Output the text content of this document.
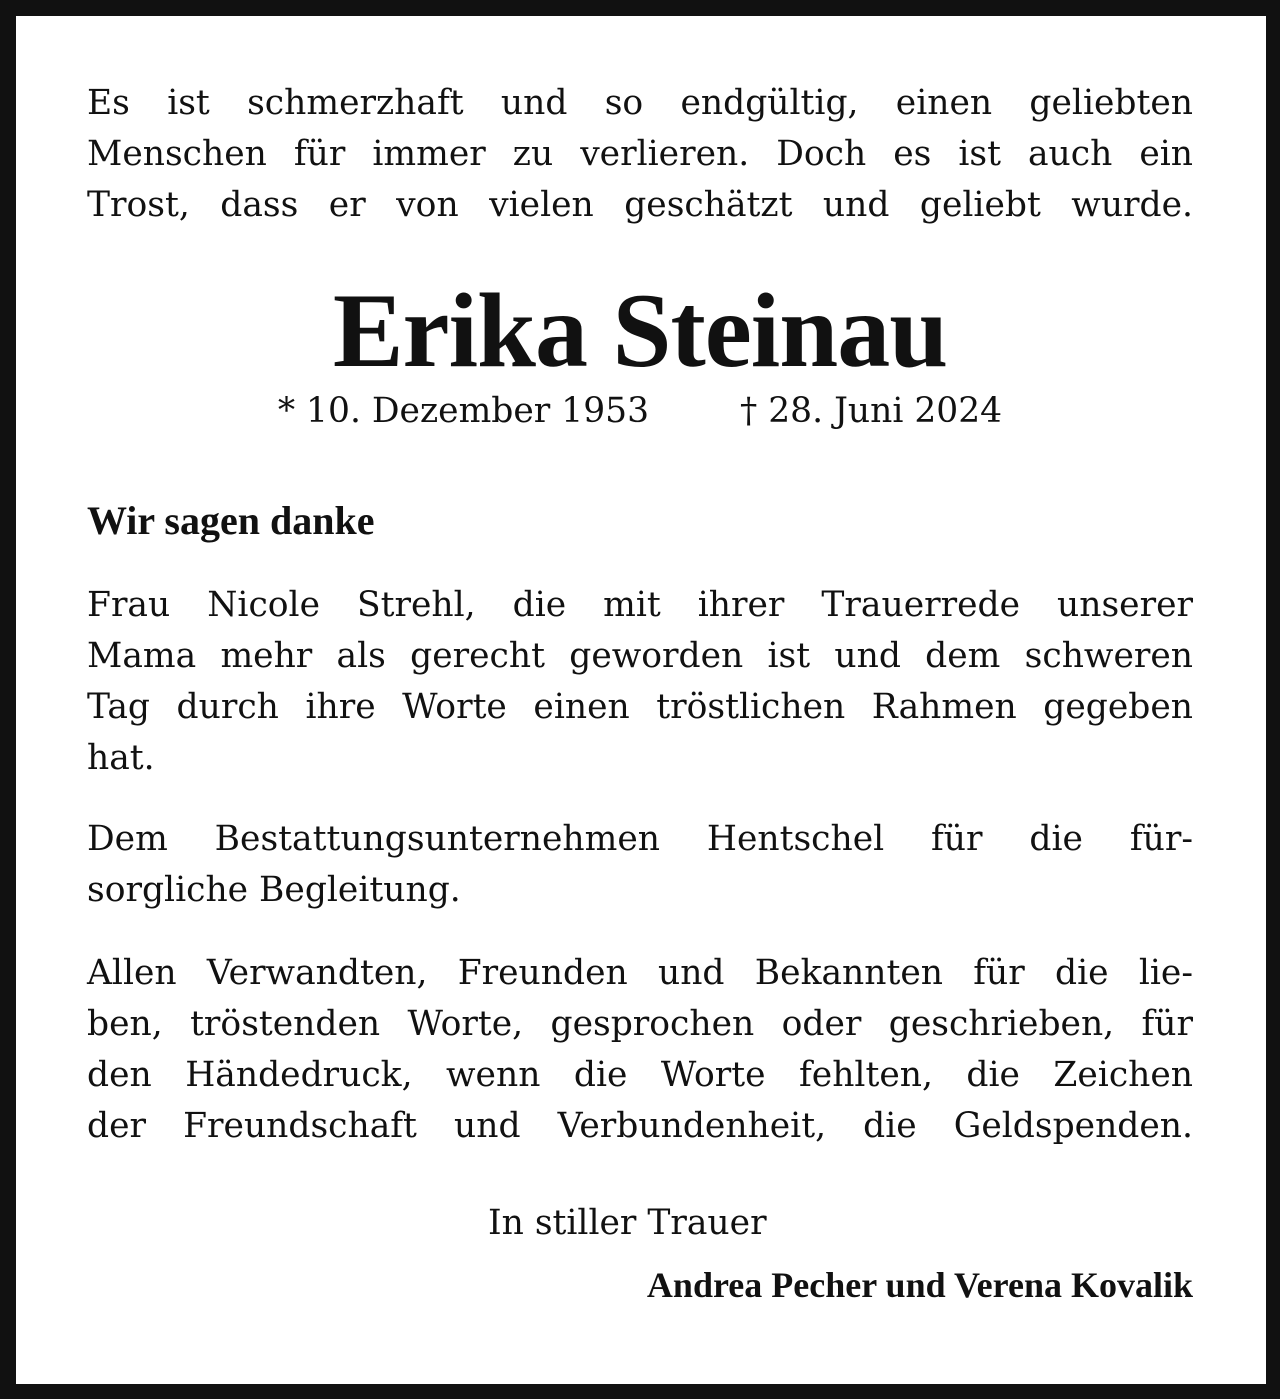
Es ist schmerzhaft und so endgültig, einen geliebten
Menschen für immer zu verlieren. Doch es ist auch ein
Trost, dass er von vielen geschätzt und geliebt wurde.
Erika Steinau
* 10. Dezember 1953	† 28. Juni 2024
Wir sagen danke
Frau Nicole Strehl, die mit ihrer Trauerrede unserer
Mama mehr als gerecht geworden ist und dem schweren
Tag durch ihre Worte einen tröstlichen Rahmen gegeben
hat.
Dem Bestattungsunternehmen Hentschel für die für-
sorgliche Begleitung.
Allen Verwandten, Freunden und Bekannten für die lie-
ben, tröstenden Worte, gesprochen oder geschrieben, für
den Händedruck, wenn die Worte fehlten, die Zeichen
der Freundschaft und Verbundenheit, die Geldspenden.
In stiller Trauer
Andrea Pecher und Verena Kovalik
